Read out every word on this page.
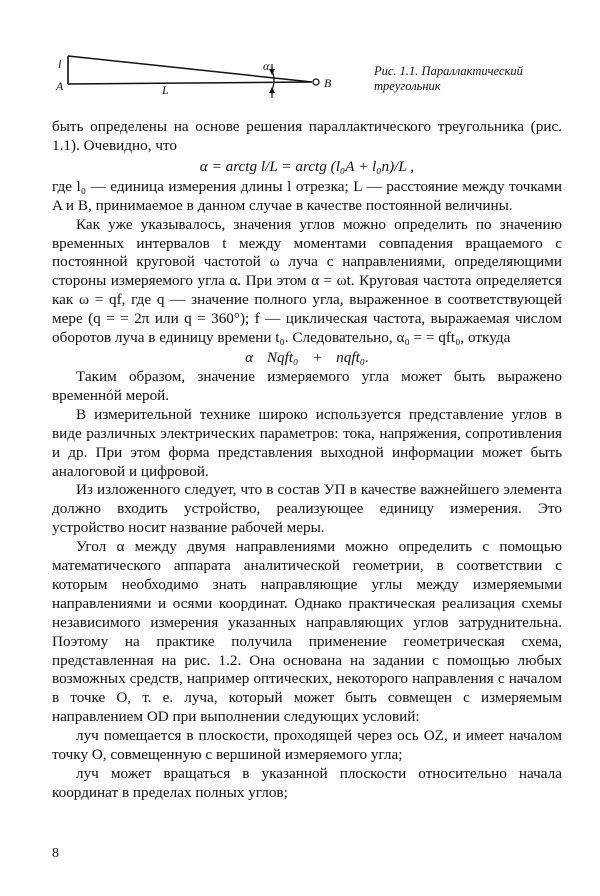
l
A	L
α
B
Рис. 1.1. Параллактический треугольник

быть определены на основе решения параллактического треугольника (рис. 1.1). Очевидно, что

α = arctg l/L = arctg (l₀A + l₀n)/L ,

где l₀ — единица измерения длины l отрезка; L — расстояние между точками A и B, принимаемое в данном случае в качестве постоянной величины.

Как уже указывалось, значения углов можно определить по значению временных интервалов t между моментами совпадения вращаемого с постоянной круговой частотой ω луча с направлениями, определяющими стороны измеряемого угла α. При этом α = ωt. Круговая частота определяется как ω = qf, где q — значение полного угла, выраженное в соответствующей мере (q = = 2π или q = 360°); f — циклическая частота, выражаемая числом оборотов луча в единицу времени t₀. Следовательно, α₀ = = qft₀, откуда

α Nqft₀ + nqft₀.

Таким образом, значение измеряемого угла может быть выражено временнóй мерой.

В измерительной технике широко используется представление углов в виде различных электрических параметров: тока, напряжения, сопротивления и др. При этом форма представления выходной информации может быть аналоговой и цифровой.

Из изложенного следует, что в состав УП в качестве важнейшего элемента должно входить устройство, реализующее единицу измерения. Это устройство носит название рабочей меры.

Угол α между двумя направлениями можно определить с помощью математического аппарата аналитической геометрии, в соответствии с которым необходимо знать направляющие углы между измеряемыми направлениями и осями координат. Однако практическая реализация схемы независимого измерения указанных направляющих углов затруднительна. Поэтому на практике получила применение геометрическая схема, представленная на рис. 1.2. Она основана на задании с помощью любых возможных средств, например оптических, некоторого направления с началом в точке O, т. е. луча, который может быть совмещен с измеряемым направлением OD при выполнении следующих условий:

луч помещается в плоскости, проходящей через ось OZ, и имеет началом точку O, совмещенную с вершиной измеряемого угла;

луч может вращаться в указанной плоскости относительно начала координат в пределах полных углов;

8
